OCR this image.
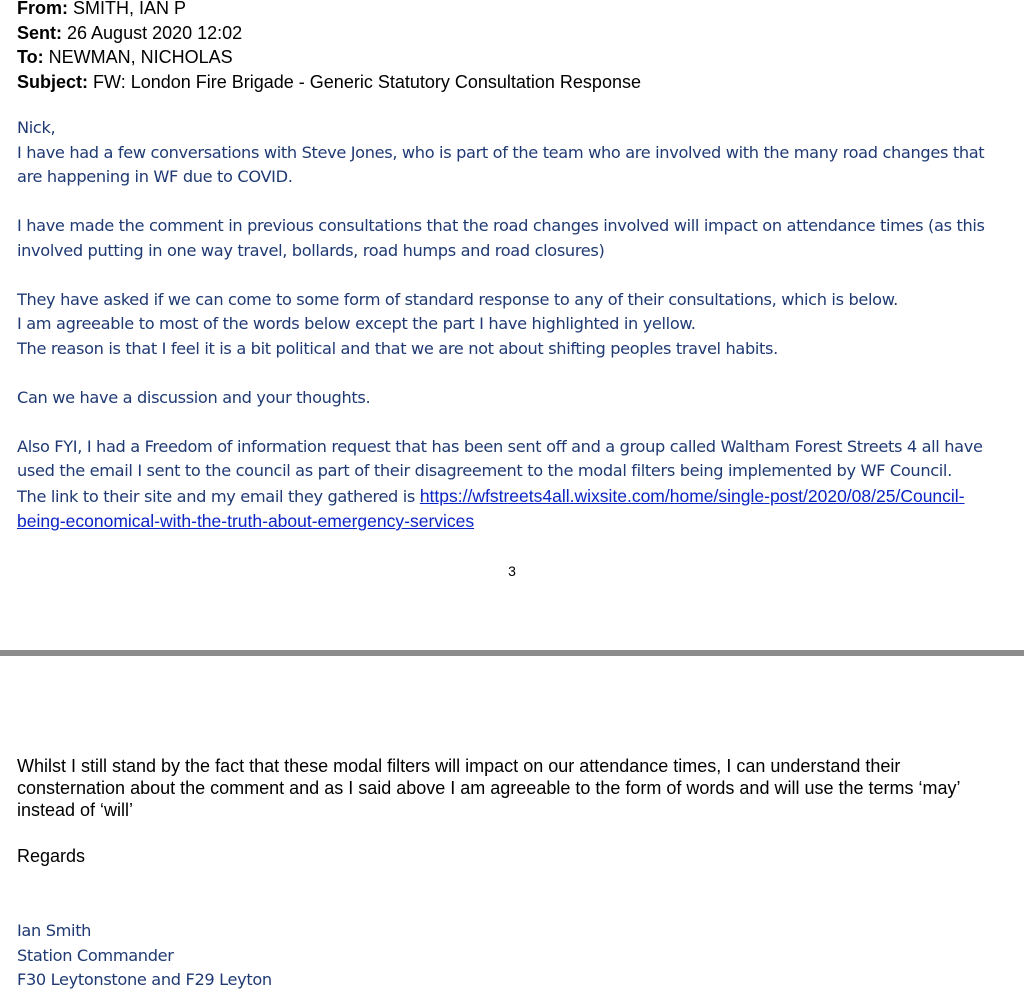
From: SMITH, IAN P
Sent: 26 August 2020 12:02
To: NEWMAN, NICHOLAS
Subject: FW: London Fire Brigade - Generic Statutory Consultation Response

Nick,

I have had a few conversations with Steve Jones, who is part of the team who are involved with the many road changes that are happening in WF due to COVID.

I have made the comment in previous consultations that the road changes involved will impact on attendance times (as this involved putting in one way travel, bollards, road humps and road closures)

They have asked if we can come to some form of standard response to any of their consultations, which is below.

I am agreeable to most of the words below except the part I have highlighted in yellow.

The reason is that I feel it is a bit political and that we are not about shifting peoples travel habits.

Can we have a discussion and your thoughts.

Also FYI, I had a Freedom of information request that has been sent off and a group called Waltham Forest Streets 4 all have used the email I sent to the council as part of their disagreement to the modal filters being implemented by WF Council.

The link to their site and my email they gathered is https://wfstreets4all.wixsite.com/home/single-post/2020/08/25/Council-being-economical-with-the-truth-about-emergency-services

3

Whilst I still stand by the fact that these modal filters will impact on our attendance times, I can understand their consternation about the comment and as I said above I am agreeable to the form of words and will use the terms ‘may’ instead of ‘will’

Regards

Ian Smith

Station Commander

F30 Leytonstone and F29 Leyton
